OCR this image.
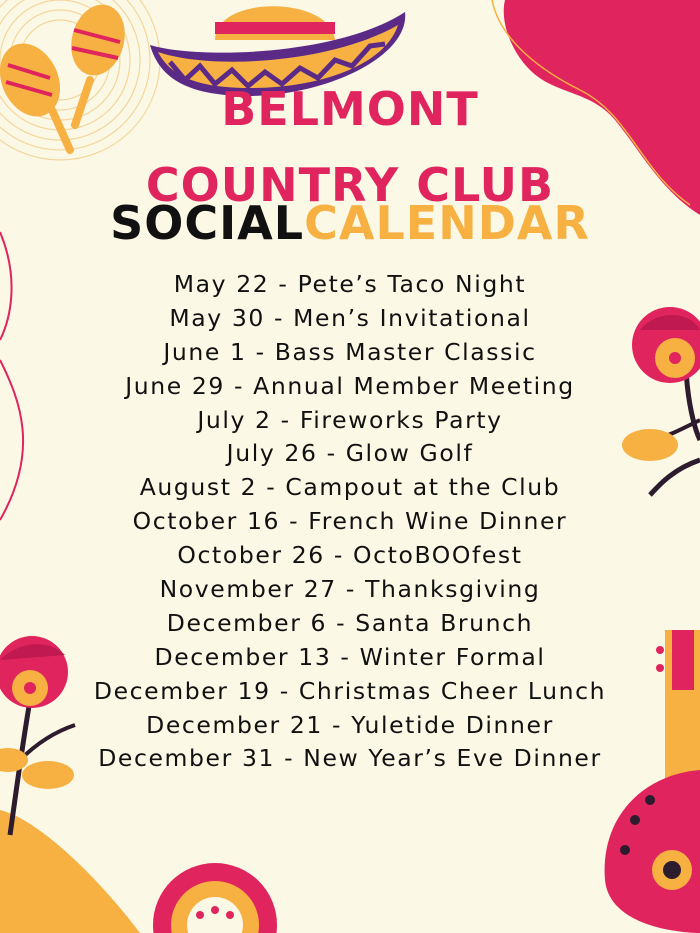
BELMONT
COUNTRY CLUB
SOCIALCALENDAR
May 22 - Pete’s Taco Night
May 30 - Men’s Invitational
June 1 - Bass Master Classic
June 29 - Annual Member Meeting
July 2 - Fireworks Party
July 26 - Glow Golf
August 2 - Campout at the Club
October 16 - French Wine Dinner
October 26 - OctoBOOfest
November 27 - Thanksgiving
December 6 - Santa Brunch
December 13 - Winter Formal
December 19 - Christmas Cheer Lunch
December 21 - Yuletide Dinner
December 31 - New Year’s Eve Dinner
